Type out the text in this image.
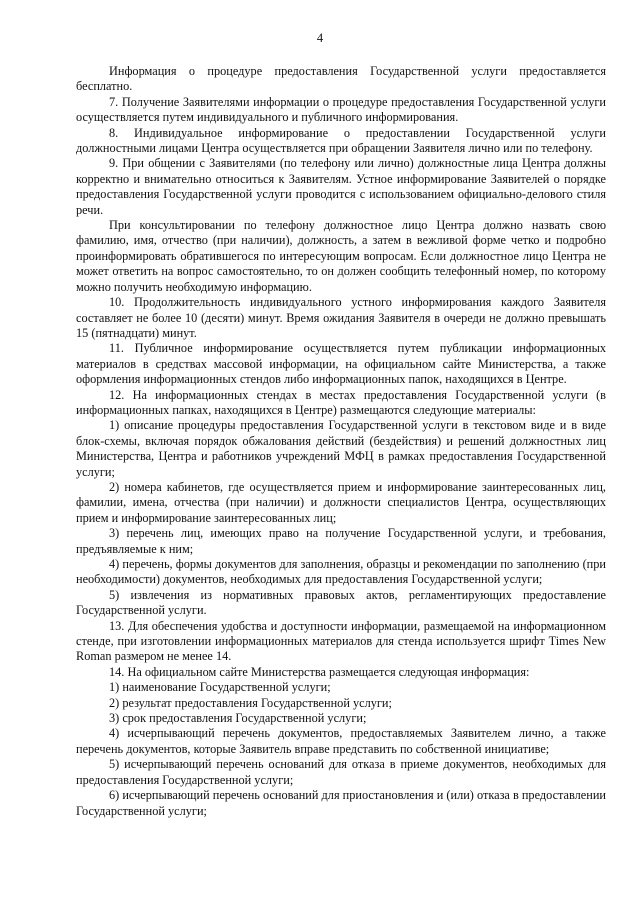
4

Информация о процедуре предоставления Государственной услуги предоставляется бесплатно.

7. Получение Заявителями информации о процедуре предоставления Государственной услуги осуществляется путем индивидуального и публичного информирования.

8. Индивидуальное информирование о предоставлении Государственной услуги должностными лицами Центра осуществляется при обращении Заявителя лично или по телефону.

9. При общении с Заявителями (по телефону или лично) должностные лица Центра должны корректно и внимательно относиться к Заявителям. Устное информирование Заявителей о порядке предоставления Государственной услуги проводится с использованием официально-делового стиля речи.

При консультировании по телефону должностное лицо Центра должно назвать свою фамилию, имя, отчество (при наличии), должность, а затем в вежливой форме четко и подробно проинформировать обратившегося по интересующим вопросам. Если должностное лицо Центра не может ответить на вопрос самостоятельно, то он должен сообщить телефонный номер, по которому можно получить необходимую информацию.

10. Продолжительность индивидуального устного информирования каждого Заявителя составляет не более 10 (десяти) минут. Время ожидания Заявителя в очереди не должно превышать 15 (пятнадцати) минут.

11. Публичное информирование осуществляется путем публикации информационных материалов в средствах массовой информации, на официальном сайте Министерства, а также оформления информационных стендов либо информационных папок, находящихся в Центре.

12. На информационных стендах в местах предоставления Государственной услуги (в информационных папках, находящихся в Центре) размещаются следующие материалы:

1) описание процедуры предоставления Государственной услуги в текстовом виде и в виде блок-схемы, включая порядок обжалования действий (бездействия) и решений должностных лиц Министерства, Центра и работников учреждений МФЦ в рамках предоставления Государственной услуги;

2) номера кабинетов, где осуществляется прием и информирование заинтересованных лиц, фамилии, имена, отчества (при наличии) и должности специалистов Центра, осуществляющих прием и информирование заинтересованных лиц;

3) перечень лиц, имеющих право на получение Государственной услуги, и требования, предъявляемые к ним;

4) перечень, формы документов для заполнения, образцы и рекомендации по заполнению (при необходимости) документов, необходимых для предоставления Государственной услуги;

5) извлечения из нормативных правовых актов, регламентирующих предоставление Государственной услуги.

13. Для обеспечения удобства и доступности информации, размещаемой на информационном стенде, при изготовлении информационных материалов для стенда используется шрифт Times New Roman размером не менее 14.

14. На официальном сайте Министерства размещается следующая информация:

1) наименование Государственной услуги;

2) результат предоставления Государственной услуги;

3) срок предоставления Государственной услуги;

4) исчерпывающий перечень документов, предоставляемых Заявителем лично, а также перечень документов, которые Заявитель вправе представить по собственной инициативе;

5) исчерпывающий перечень оснований для отказа в приеме документов, необходимых для предоставления Государственной услуги;

6) исчерпывающий перечень оснований для приостановления и (или) отказа в предоставлении Государственной услуги;
